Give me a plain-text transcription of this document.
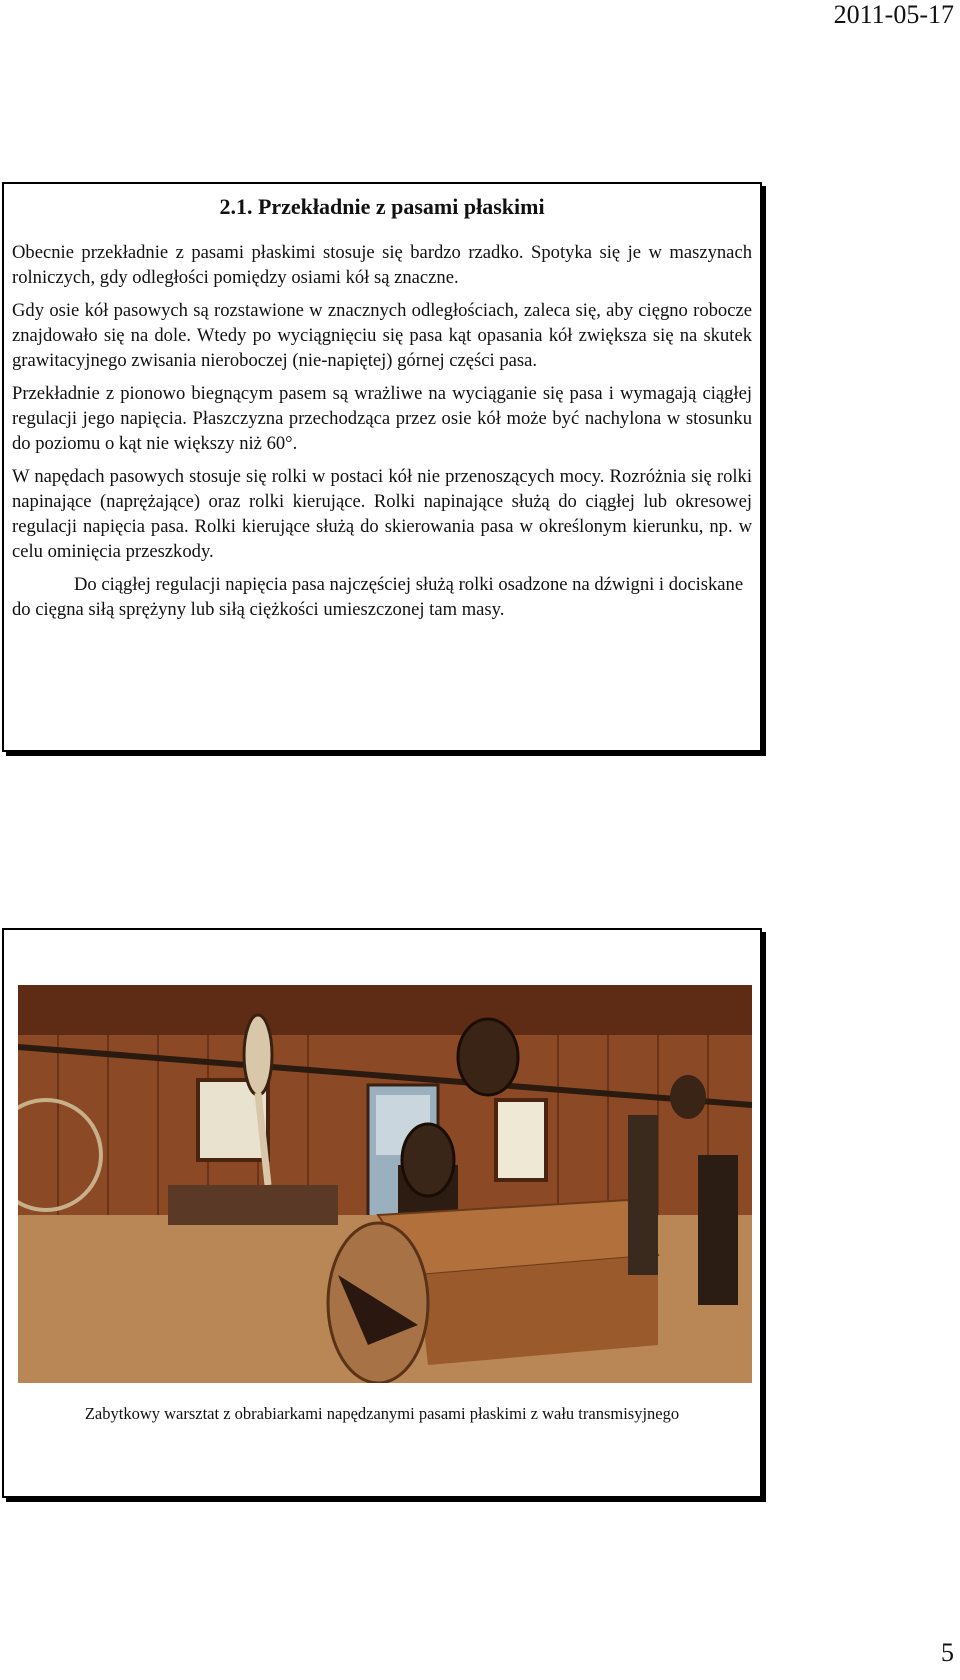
2011-05-17
2.1. Przekładnie z pasami płaskimi

Obecnie przekładnie z pasami płaskimi stosuje się bardzo rzadko. Spotyka się je w maszynach rolniczych, gdy odległości pomiędzy osiami kół są znaczne.

Gdy osie kół pasowych są rozstawione w znacznych odległościach, zaleca się, aby cięgno robocze znajdowało się na dole. Wtedy po wyciągnięciu się pasa kąt opasania kół zwiększa się na skutek grawitacyjnego zwisania nieroboczej (nie-napiętej) górnej części pasa.

Przekładnie z pionowo biegnącym pasem są wrażliwe na wyciąganie się pasa i wymagają ciągłej regulacji jego napięcia. Płaszczyzna przechodząca przez osie kół może być nachylona w stosunku do poziomu o kąt nie większy niż 60°.

W napędach pasowych stosuje się rolki w postaci kół nie przenoszących mocy. Rozróżnia się rolki napinające (naprężające) oraz rolki kierujące. Rolki napinające służą do ciągłej lub okresowej regulacji napięcia pasa. Rolki kierujące służą do skierowania pasa w określonym kierunku, np. w celu ominięcia przeszkody.

Do ciągłej regulacji napięcia pasa najczęściej służą rolki osadzone na dźwigni i dociskane do cięgna siłą sprężyny lub siłą ciężkości umieszczonej tam masy.

Zabytkowy warsztat z obrabiarkami napędzanymi pasami płaskimi z wału transmisyjnego
5
